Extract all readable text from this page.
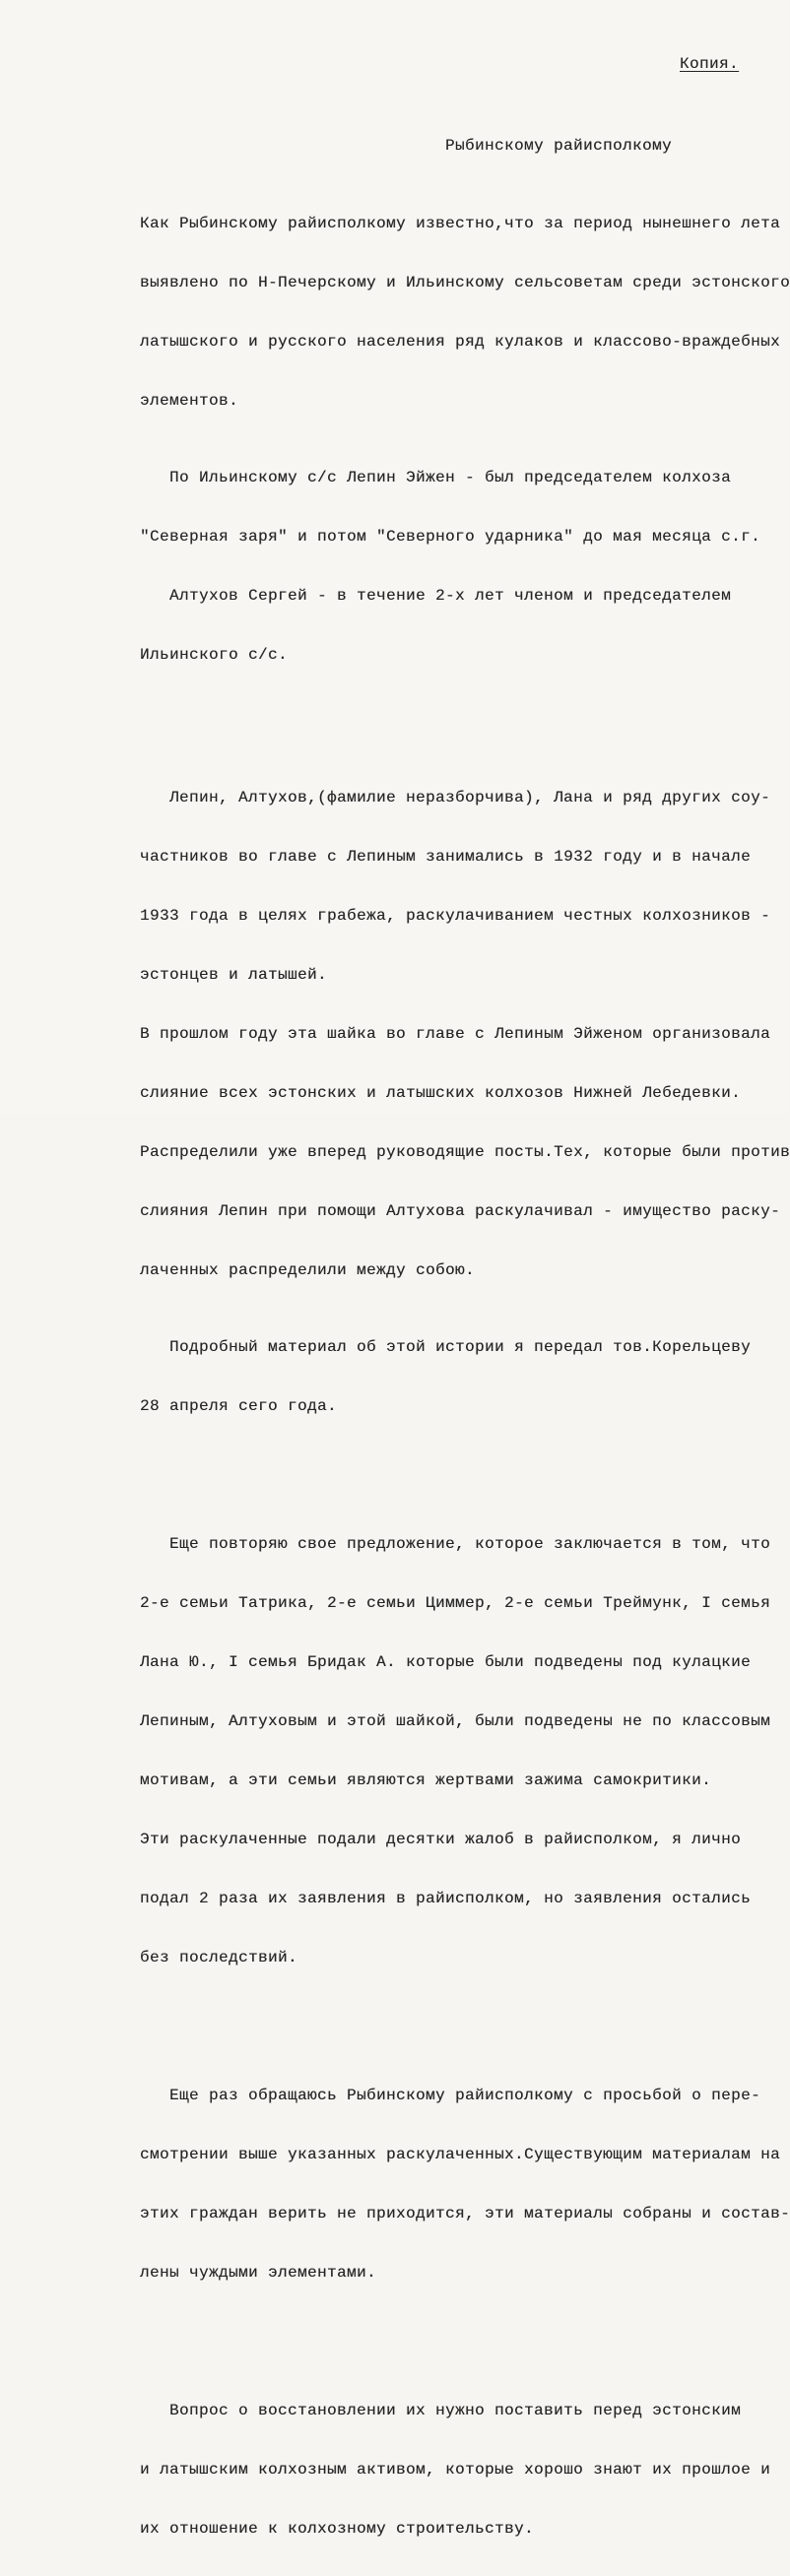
Копия.
Рыбинскому райисполкому

Как Рыбинскому райисполкому известно,что за период нынешнего лета

выявлено по Н-Печерскому и Ильинскому сельсоветам среди эстонского

латышского и русского населения ряд кулаков и классово-враждебных

элементов.

По Ильинскому с/с Лепин Эйжен - был председателем колхоза

"Северная заря" и потом "Северного ударника" до мая месяца с.г.

Алтухов Сергей - в течение 2-х лет членом и председателем

Ильинского с/с.

Лепин, Алтухов,(фамилие неразборчива), Лана и ряд других соу-

частников во главе с Лепиным занимались в 1932 году и в начале

1933 года в целях грабежа, раскулачиванием честных колхозников -

эстонцев и латышей.

В прошлом году эта шайка во главе с Лепиным Эйженом организовала

слияние всех эстонских и латышских колхозов Нижней Лебедевки.

Распределили уже вперед руководящие посты.Тех, которые были против

слияния Лепин при помощи Алтухова раскулачивал - имущество раску-

лаченных распределили между собою.

Подробный материал об этой истории я передал тов.Корельцеву

28 апреля сего года.

Еще повторяю свое предложение, которое заключается в том, что

2-е семьи Татрика, 2-е семьи Циммер, 2-е семьи Треймунк, I семья

Лана Ю., I семья Бридак А. которые были подведены под кулацкие

Лепиным, Алтуховым и этой шайкой, были подведены не по классовым

мотивам, а эти семьи являются жертвами зажима самокритики.

Эти раскулаченные подали десятки жалоб в райисполком, я лично

подал 2 раза их заявления в райисполком, но заявления остались

без последствий.

Еще раз обращаюсь Рыбинскому райисполкому с просьбой о пере-

смотрении выше указанных раскулаченных.Существующим материалам на

этих граждан верить не приходится, эти материалы собраны и состав-

лены чуждыми элементами.

Вопрос о восстановлении их нужно поставить перед эстонским

и латышским колхозным активом, которые хорошо знают их прошлое и

их отношение к колхозному строительству.
